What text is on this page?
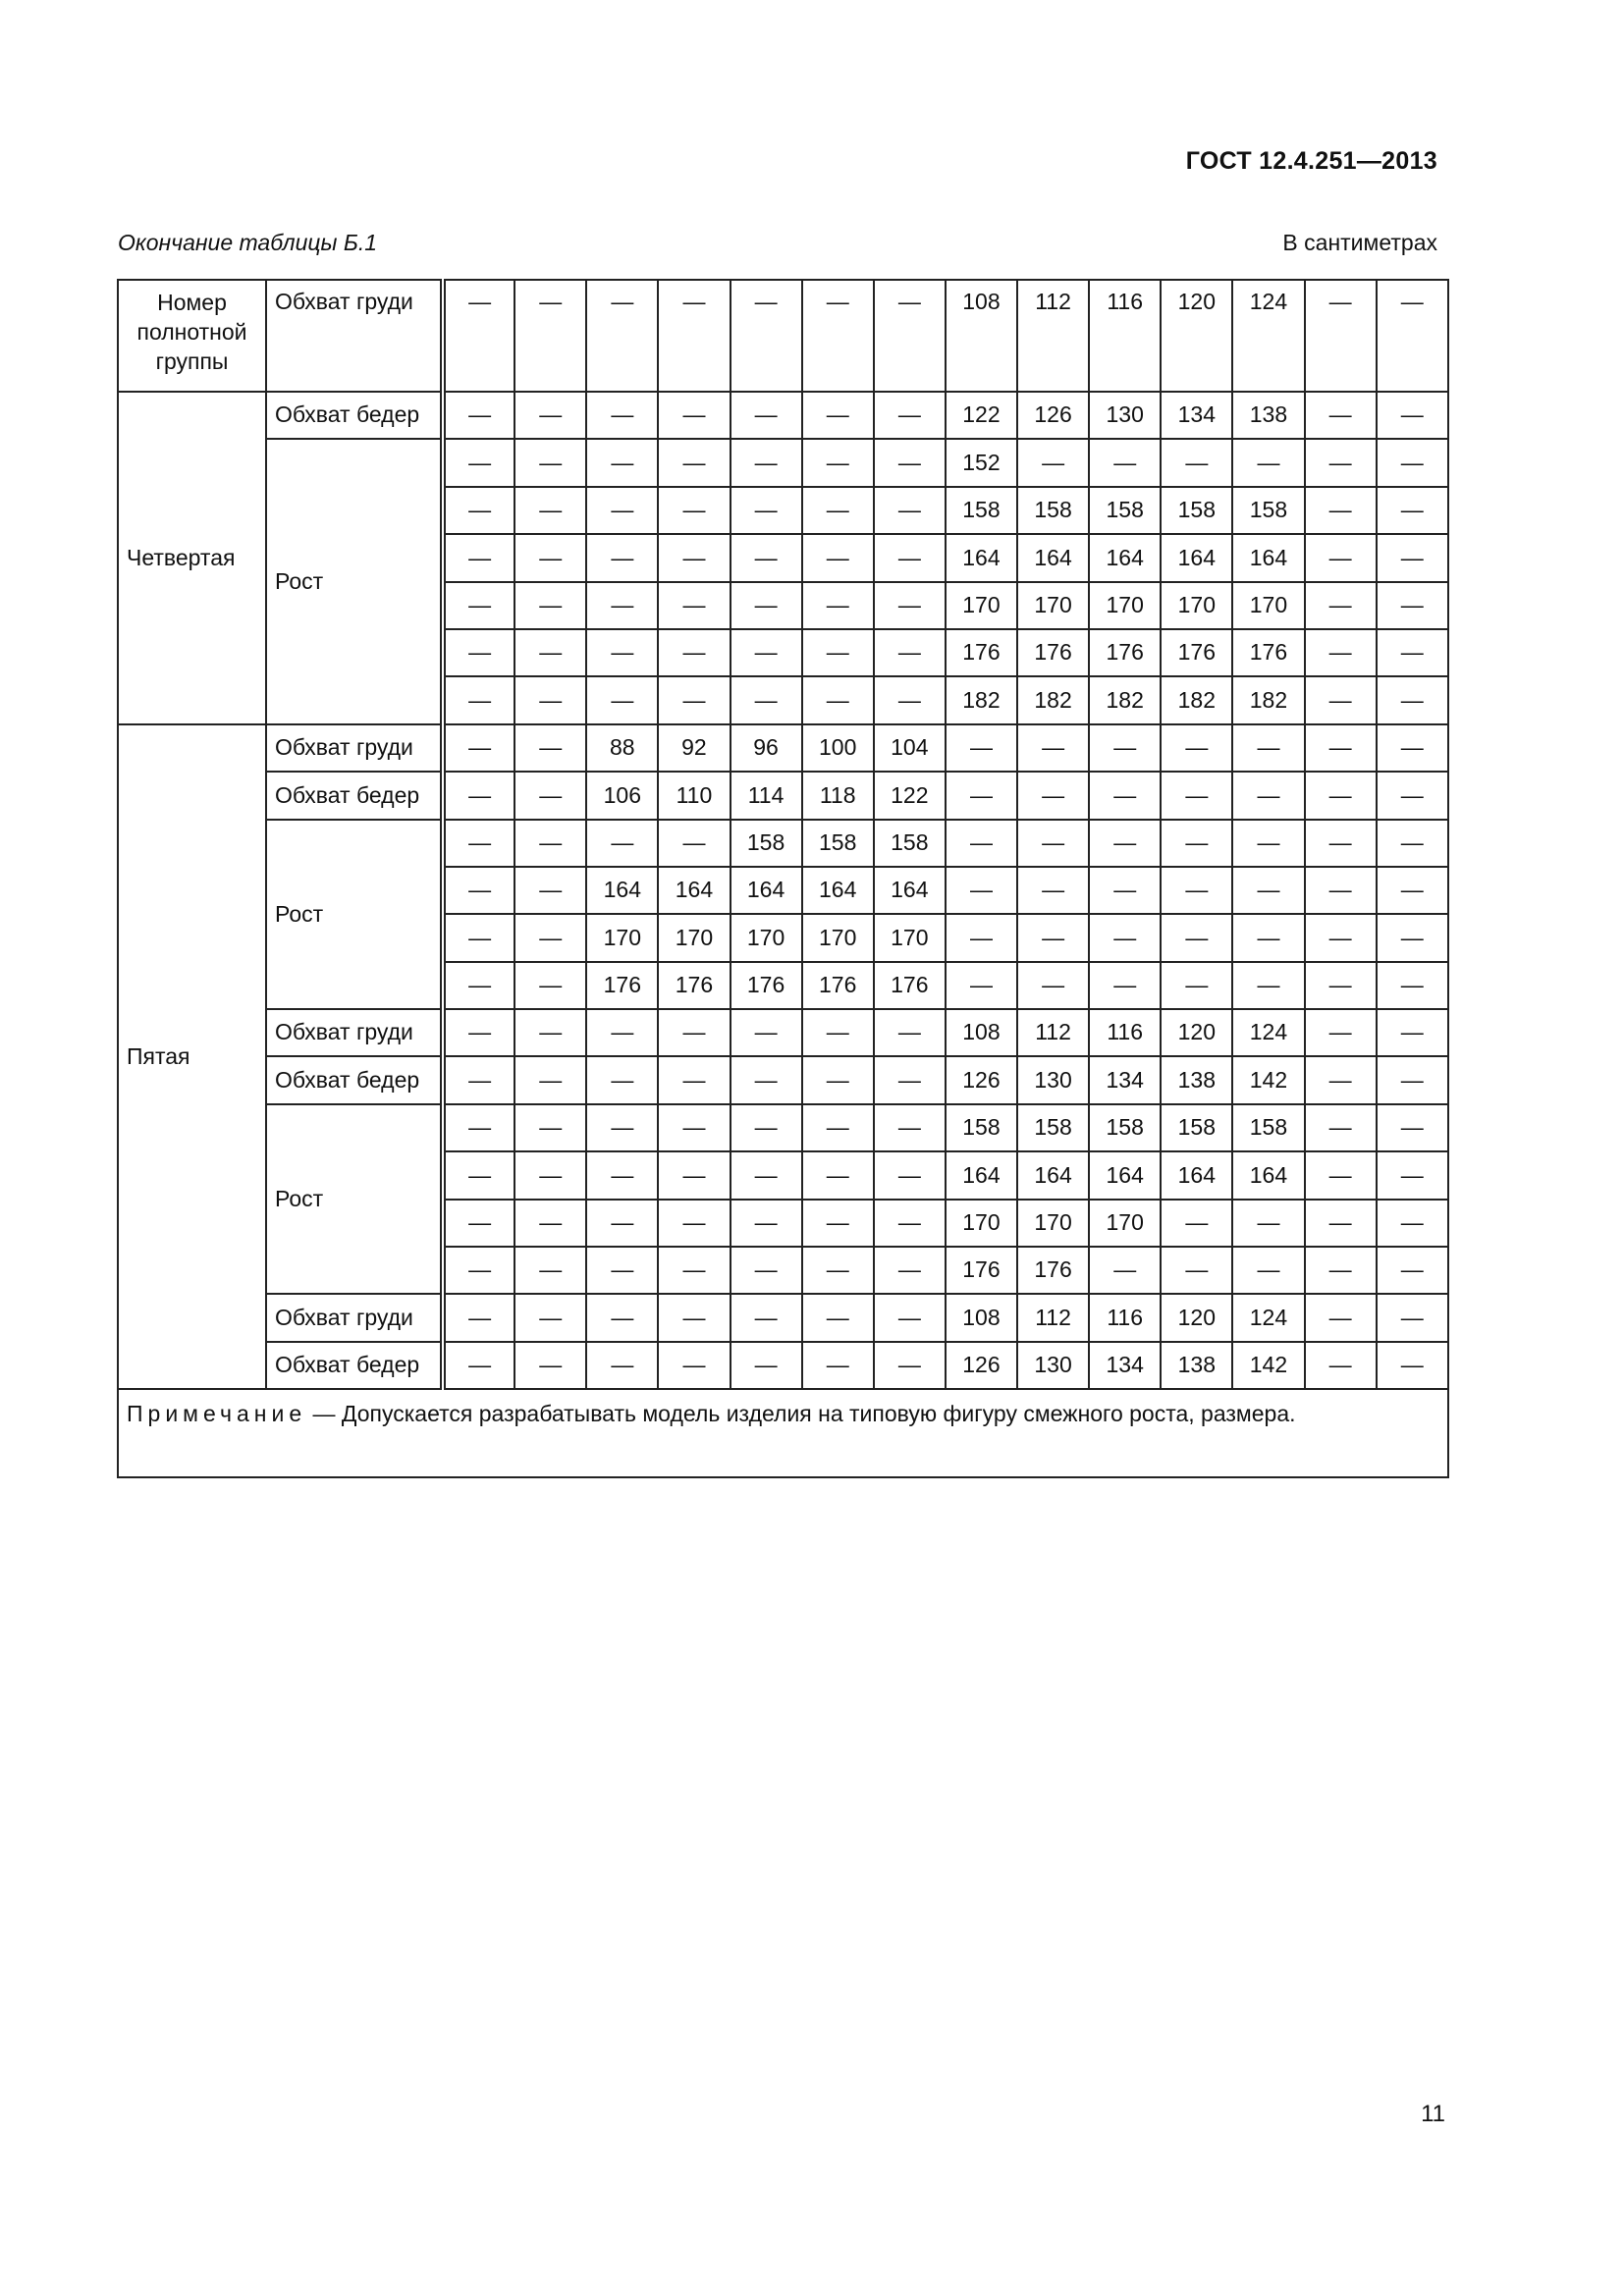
ГОСТ 12.4.251—2013
Окончание таблицы Б.1	В сантиметрах
Номер полнотной группы	Обхват груди	—	—	—	—	—	—	—	108	112	116	120	124	—	—
Четвертая	Обхват бедер	—	—	—	—	—	—	—	122	126	130	134	138	—	—
	Рост	—	—	—	—	—	—	—	152	—	—	—	—	—	—
		—	—	—	—	—	—	—	158	158	158	158	158	—	—
		—	—	—	—	—	—	—	164	164	164	164	164	—	—
		—	—	—	—	—	—	—	170	170	170	170	170	—	—
		—	—	—	—	—	—	—	176	176	176	176	176	—	—
		—	—	—	—	—	—	—	182	182	182	182	182	—	—
Пятая	Обхват груди	—	—	88	92	96	100	104	—	—	—	—	—	—	—
	Обхват бедер	—	—	106	110	114	118	122	—	—	—	—	—	—	—
	Рост	—	—	—	—	158	158	158	—	—	—	—	—	—	—
		—	—	164	164	164	164	164	—	—	—	—	—	—	—
		—	—	170	170	170	170	170	—	—	—	—	—	—	—
		—	—	176	176	176	176	176	—	—	—	—	—	—	—
	Обхват груди	—	—	—	—	—	—	—	108	112	116	120	124	—	—
	Обхват бедер	—	—	—	—	—	—	—	126	130	134	138	142	—	—
	Рост	—	—	—	—	—	—	—	158	158	158	158	158	—	—
		—	—	—	—	—	—	—	164	164	164	164	164	—	—
		—	—	—	—	—	—	—	170	170	170	—	—	—	—
		—	—	—	—	—	—	—	176	176	—	—	—	—	—
	Обхват груди	—	—	—	—	—	—	—	108	112	116	120	124	—	—
	Обхват бедер	—	—	—	—	—	—	—	126	130	134	138	142	—	—
Примечание — Допускается разрабатывать модель изделия на типовую фигуру смежного роста, размера.															
11
